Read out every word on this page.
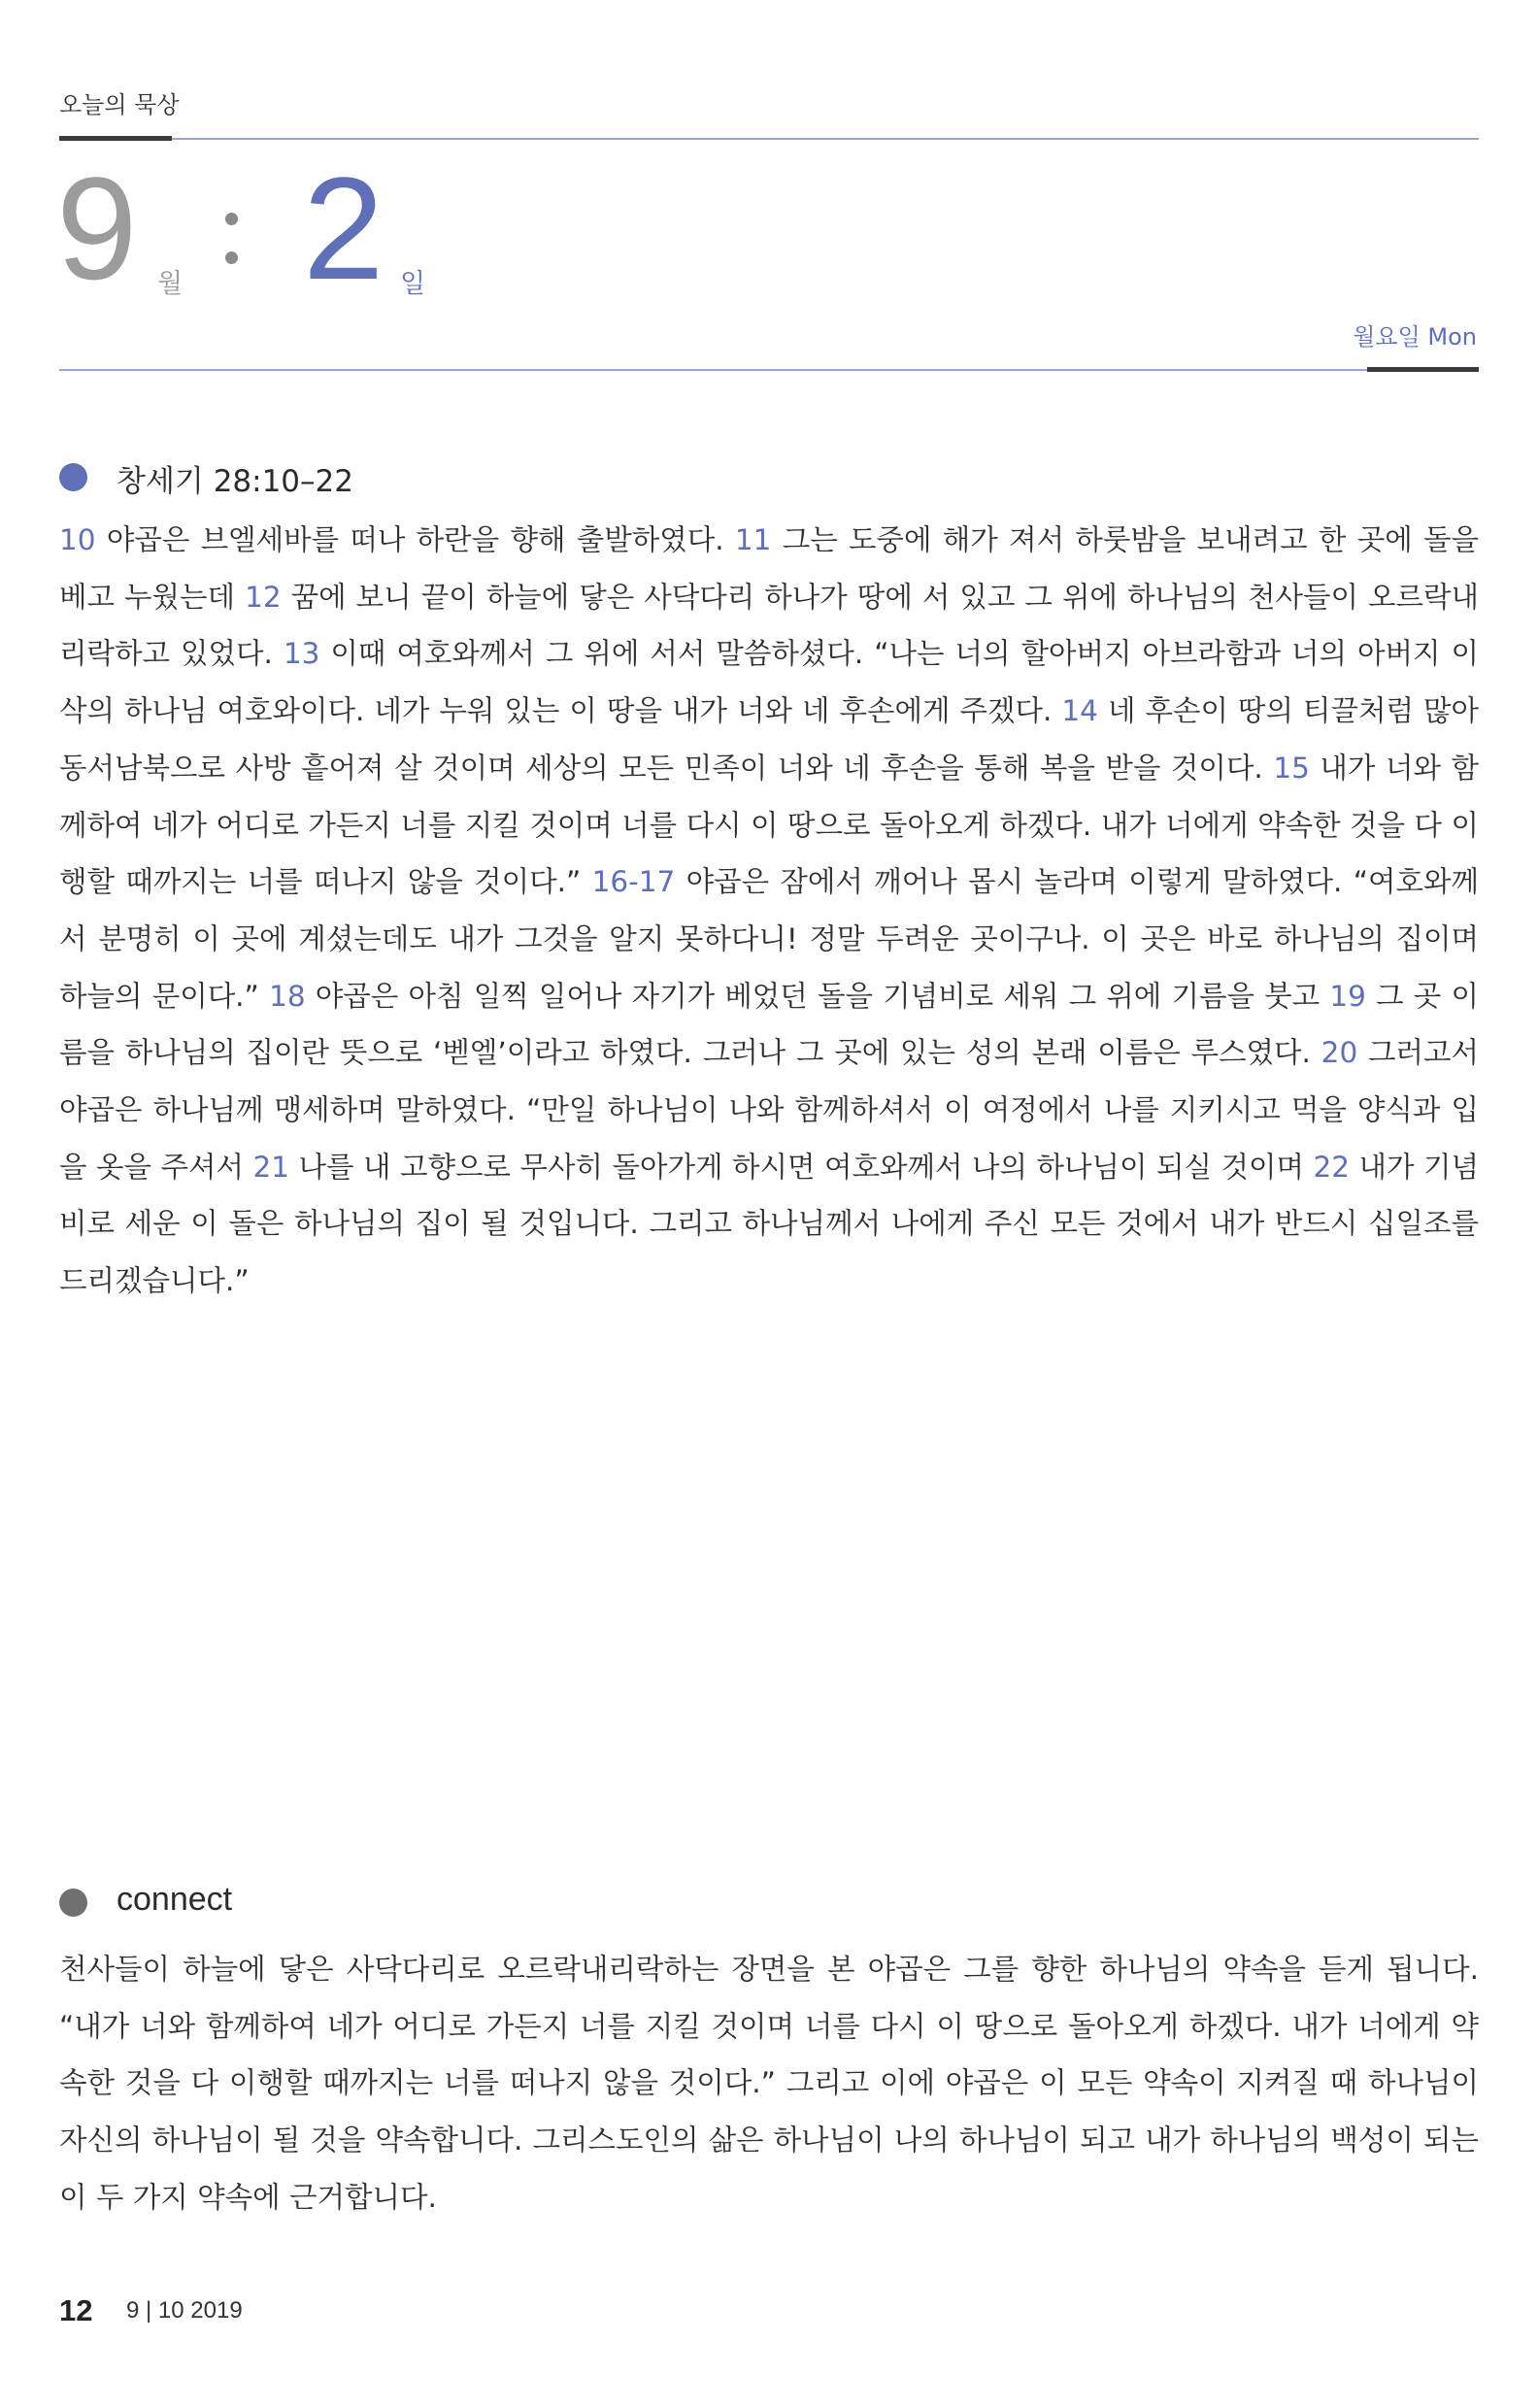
오늘의 묵상
9 월 2 일
월요일 Mon
창세기 28:10–22

10 야곱은 브엘세바를 떠나 하란을 향해 출발하였다. 11 그는 도중에 해가 져서 하룻밤을 보내려고 한 곳에 돌을 베고 누웠는데 12 꿈에 보니 끝이 하늘에 닿은 사닥다리 하나가 땅에 서 있고 그 위에 하나님의 천사들이 오르락내리락하고 있었다. 13 이때 여호와께서 그 위에 서서 말씀하셨다. “나는 너의 할아버지 아브라함과 너의 아버지 이삭의 하나님 여호와이다. 네가 누워 있는 이 땅을 내가 너와 네 후손에게 주겠다. 14 네 후손이 땅의 티끌처럼 많아 동서남북으로 사방 흩어져 살 것이며 세상의 모든 민족이 너와 네 후손을 통해 복을 받을 것이다. 15 내가 너와 함께하여 네가 어디로 가든지 너를 지킬 것이며 너를 다시 이 땅으로 돌아오게 하겠다. 내가 너에게 약속한 것을 다 이행할 때까지는 너를 떠나지 않을 것이다.” 16-17 야곱은 잠에서 깨어나 몹시 놀라며 이렇게 말하였다. “여호와께서 분명히 이 곳에 계셨는데도 내가 그것을 알지 못하다니! 정말 두려운 곳이구나. 이 곳은 바로 하나님의 집이며 하늘의 문이다.” 18 야곱은 아침 일찍 일어나 자기가 베었던 돌을 기념비로 세워 그 위에 기름을 붓고 19 그 곳 이름을 하나님의 집이란 뜻으로 ‘벧엘’이라고 하였다. 그러나 그 곳에 있는 성의 본래 이름은 루스였다. 20 그러고서 야곱은 하나님께 맹세하며 말하였다. “만일 하나님이 나와 함께하셔서 이 여정에서 나를 지키시고 먹을 양식과 입을 옷을 주셔서 21 나를 내 고향으로 무사히 돌아가게 하시면 여호와께서 나의 하나님이 되실 것이며 22 내가 기념비로 세운 이 돌은 하나님의 집이 될 것입니다. 그리고 하나님께서 나에게 주신 모든 것에서 내가 반드시 십일조를 드리겠습니다.”

connect

천사들이 하늘에 닿은 사닥다리로 오르락내리락하는 장면을 본 야곱은 그를 향한 하나님의 약속을 듣게 됩니다. “내가 너와 함께하여 네가 어디로 가든지 너를 지킬 것이며 너를 다시 이 땅으로 돌아오게 하겠다. 내가 너에게 약속한 것을 다 이행할 때까지는 너를 떠나지 않을 것이다.” 그리고 이에 야곱은 이 모든 약속이 지켜질 때 하나님이 자신의 하나님이 될 것을 약속합니다. 그리스도인의 삶은 하나님이 나의 하나님이 되고 내가 하나님의 백성이 되는 이 두 가지 약속에 근거합니다.

12 9 | 10 2019
